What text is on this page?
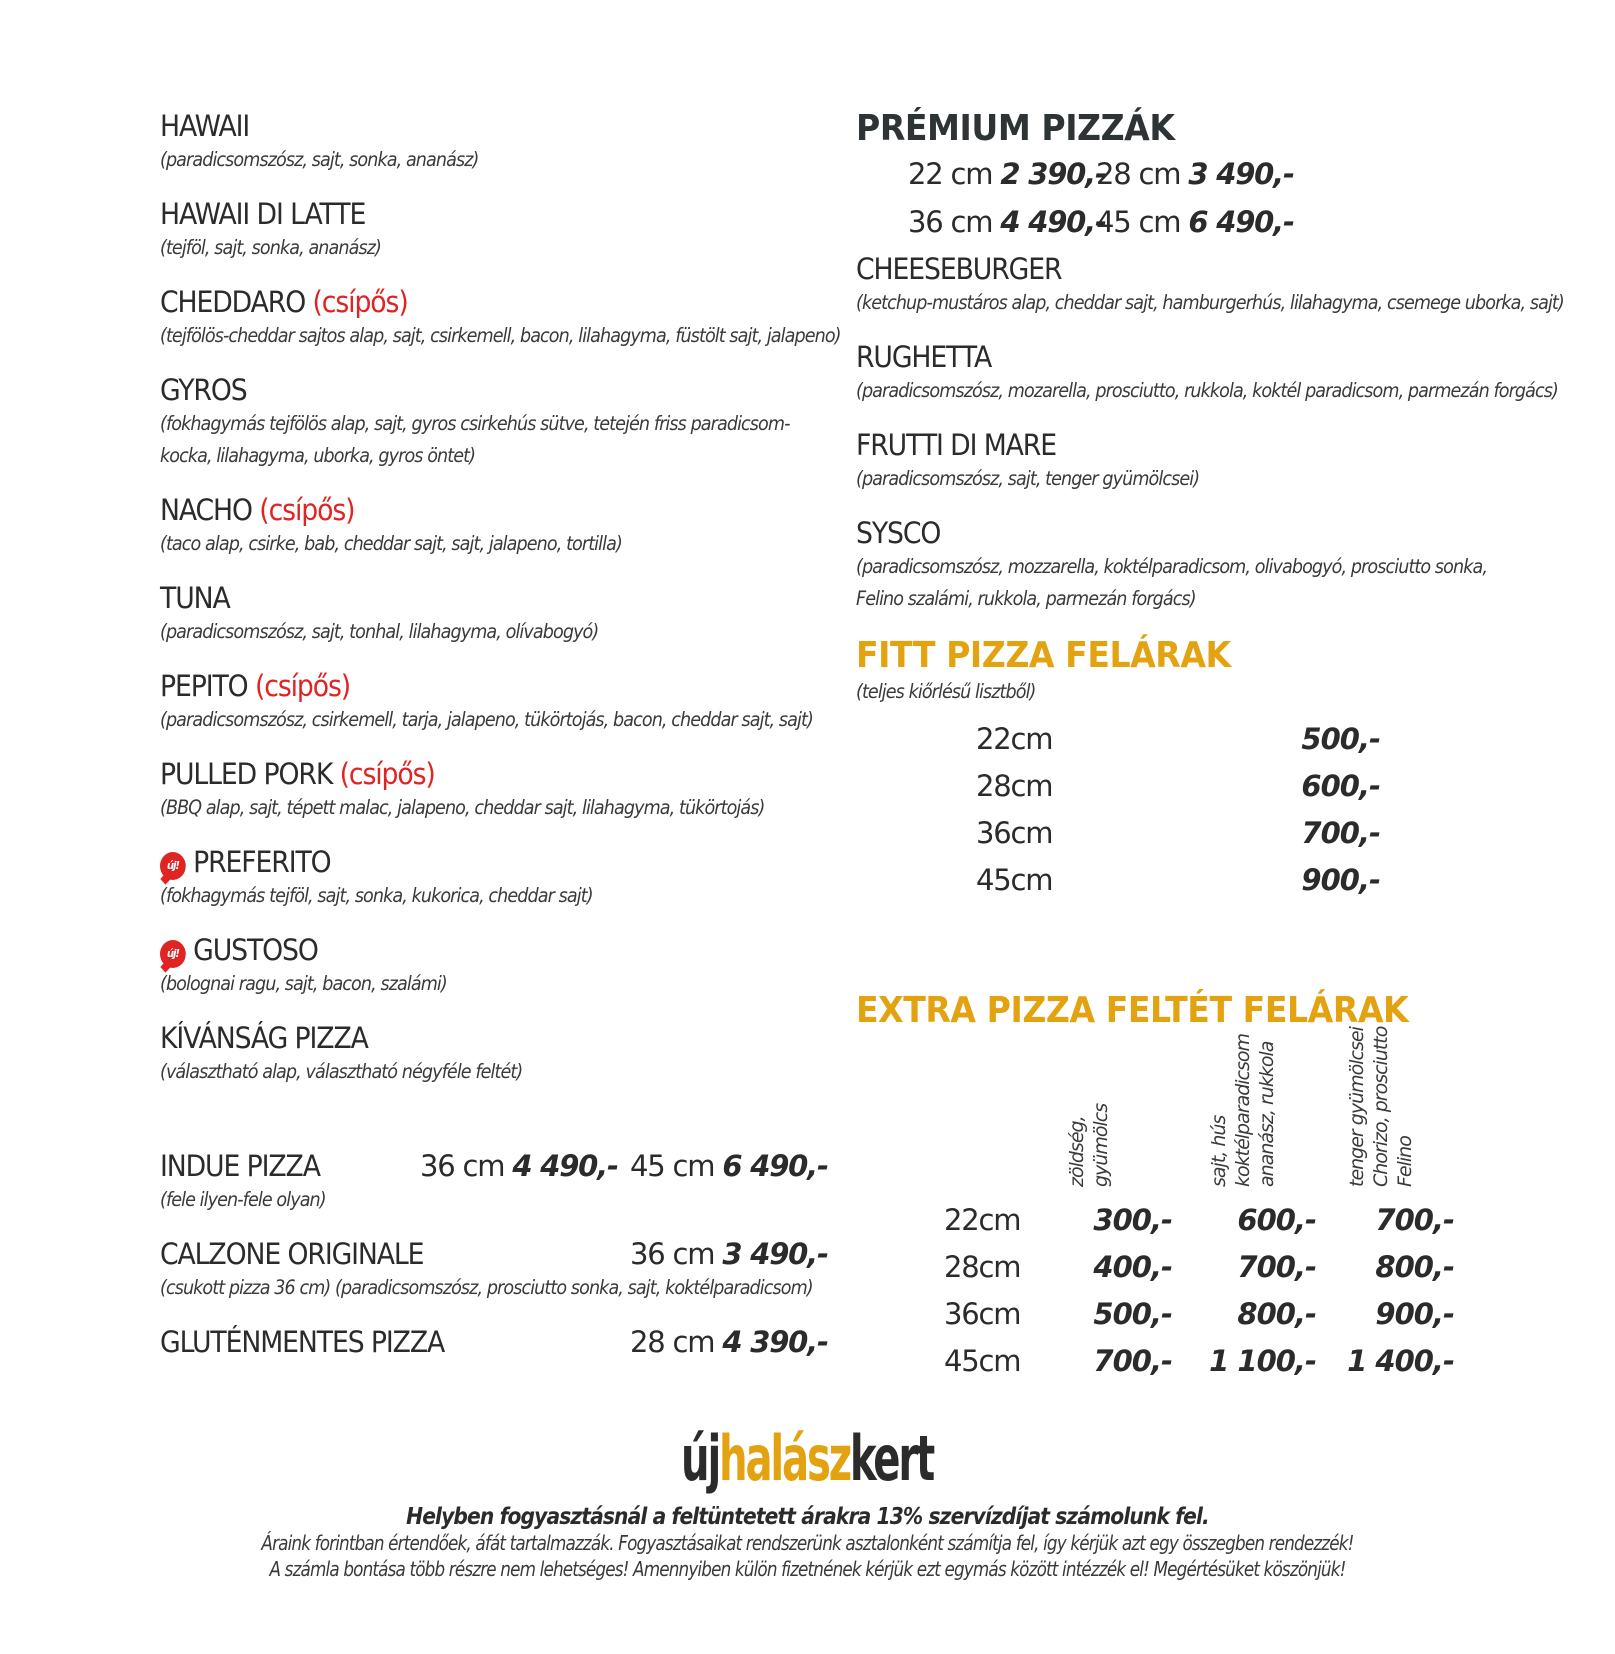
HAWAII
(paradicsomszósz, sajt, sonka, ananász)
HAWAII DI LATTE
(tejföl, sajt, sonka, ananász)
CHEDDARO (csípős)
(tejfölös-cheddar sajtos alap, sajt, csirkemell, bacon, lilahagyma, füstölt sajt, jalapeno)
GYROS
(fokhagymás tejfölös alap, sajt, gyros csirkehús sütve, tetején friss paradicsom-
kocka, lilahagyma, uborka, gyros öntet)
NACHO (csípős)
(taco alap, csirke, bab, cheddar sajt, sajt, jalapeno, tortilla)
TUNA
(paradicsomszósz, sajt, tonhal, lilahagyma, olívabogyó)
PEPITO (csípős)
(paradicsomszósz, csirkemell, tarja, jalapeno, tükörtojás, bacon, cheddar sajt, sajt)
PULLED PORK (csípős)
(BBQ alap, sajt, tépett malac, jalapeno, cheddar sajt, lilahagyma, tükörtojás)
új! PREFERITO
(fokhagymás tejföl, sajt, sonka, kukorica, cheddar sajt)
új! GUSTOSO
(bolognai ragu, sajt, bacon, szalámi)
KÍVÁNSÁG PIZZA
(választható alap, választható négyféle feltét)
INDUE PIZZA	36 cm 4 490,- 45 cm 6 490,-
(fele ilyen-fele olyan)
CALZONE ORIGINALE	36 cm 3 490,-
(csukott pizza 36 cm) (paradicsomszósz, prosciutto sonka, sajt, koktélparadicsom)
GLUTÉNMENTES PIZZA	28 cm 4 390,-
PRÉMIUM PIZZÁK
22 cm 2 390,-
28 cm 3 490,-
36 cm 4 490,-
45 cm 6 490,-
CHEESEBURGER
(ketchup-mustáros alap, cheddar sajt, hamburgerhús, lilahagyma, csemege uborka, sajt)
RUGHETTA
(paradicsomszósz, mozarella, prosciutto, rukkola, koktél paradicsom, parmezán forgács)
FRUTTI DI MARE
(paradicsomszósz, sajt, tenger gyümölcsei)
SYSCO
(paradicsomszósz, mozzarella, koktélparadicsom, olivabogyó, prosciutto sonka,
Felino szalámi, rukkola, parmezán forgács)
FITT PIZZA FELÁRAK
(teljes kiőrlésű lisztből)
22cm	500,-
28cm	600,-
36cm	700,-
45cm	900,-
EXTRA PIZZA FELTÉT FELÁRAK
zöldség, gyümölcs	sajt, hús koktélparadicsom ananász, rukkola	tenger gyümölcsei Chorizo, prosciutto Felino
22cm	300,-	600,-	700,-
28cm	400,-	700,-	800,-
36cm	500,-	800,-	900,-
45cm	700,-	1 100,-	1 400,-
újhalászkert
Helyben fogyasztásnál a feltüntetett árakra 13% szervízdíjat számolunk fel.
Áraink forintban értendőek, áfát tartalmazzák. Fogyasztásaikat rendszerünk asztalonként számítja fel, így kérjük azt egy összegben rendezzék!
A számla bontása több részre nem lehetséges! Amennyiben külön fizetnének kérjük ezt egymás között intézzék el! Megértésüket köszönjük!
